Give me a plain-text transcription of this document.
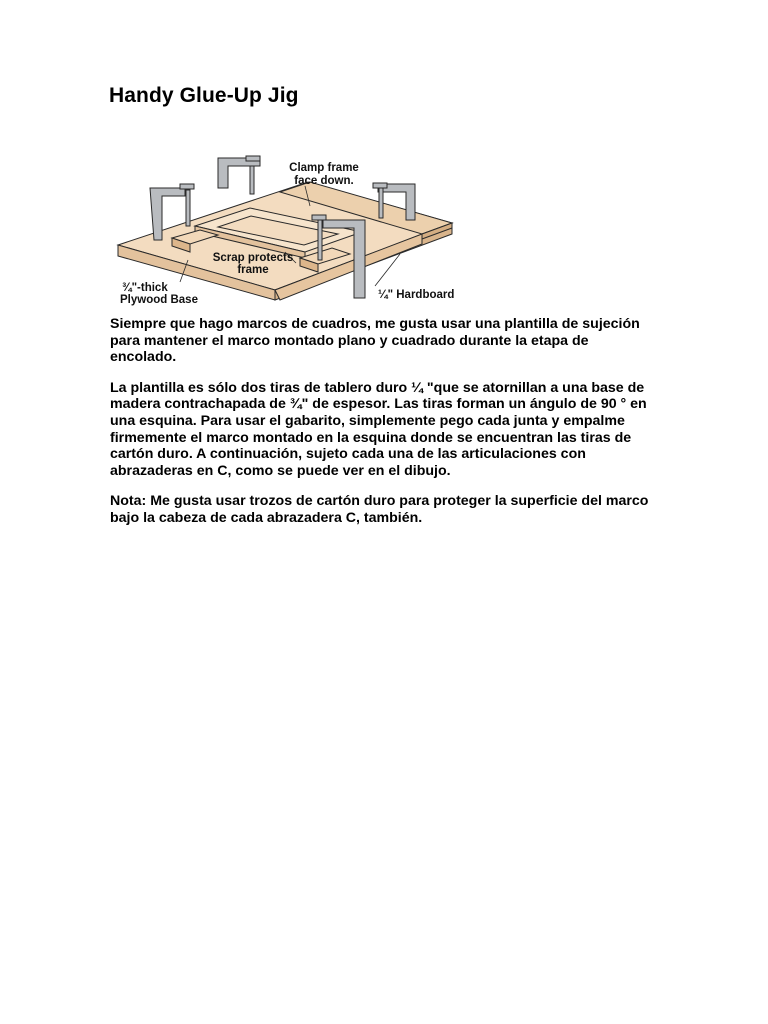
Handy Glue-Up Jig
Clamp frame
face down.
Scrap protects
frame
¾"-thick
Plywood Base	¼" Hardboard

Siempre que hago marcos de cuadros, me gusta usar una plantilla de sujeción para mantener el marco montado plano y cuadrado durante la etapa de encolado.

La plantilla es sólo dos tiras de tablero duro ¼ "que se atornillan a una base de madera contrachapada de ¾" de espesor. Las tiras forman un ángulo de 90 ° en una esquina. Para usar el gabarito, simplemente pego cada junta y empalme firmemente el marco montado en la esquina donde se encuentran las tiras de cartón duro. A continuación, sujeto cada una de las articulaciones con abrazaderas en C, como se puede ver en el dibujo.

Nota: Me gusta usar trozos de cartón duro para proteger la superficie del marco bajo la cabeza de cada abrazadera C, también.
